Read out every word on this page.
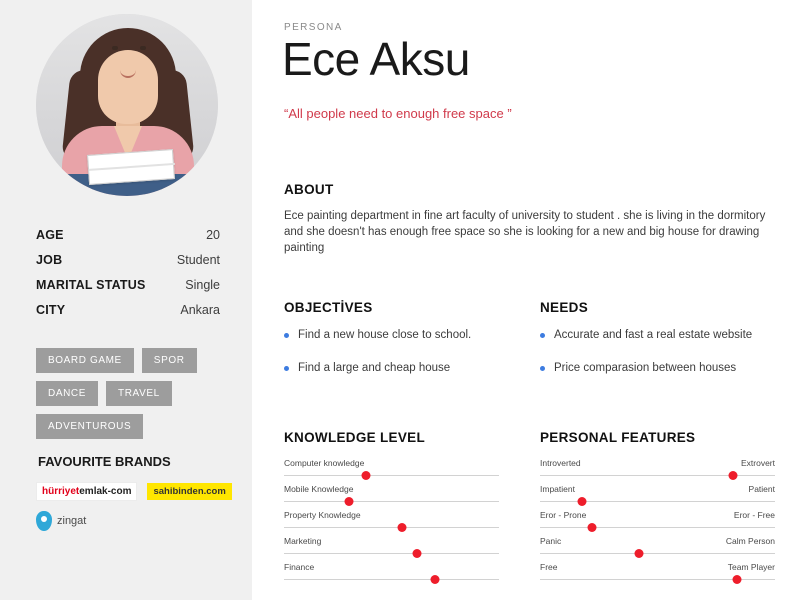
AGE	20
JOB	Student
MARITAL STATUS	Single
CITY	Ankara
BOARD GAME	SPOR
DANCE	TRAVEL
ADVENTUROUS
FAVOURITE BRANDS
hürriyetemlak-com	sahibinden.com
zingat
PERSONA
Ece Aksu
“All people need to enough free space ”
ABOUT
Ece painting department in fine art faculty of university to student . she is living in the dormitory and she doesn't has enough free space so she is looking for a new and big house for drawing painting
OBJECTİVES
Find a new house close to school.
Find a large and cheap house
NEEDS
Accurate and fast a real estate website
Price comparasion between houses
KNOWLEDGE LEVEL
Computer knowledge
Mobile Knowledge
Property Knowledge
Marketing
Finance
PERSONAL FEATURES
Introverted	Extrovert
Impatient	Patient
Eror - Prone	Eror - Free
Panic	Calm Person
Free	Team Player
